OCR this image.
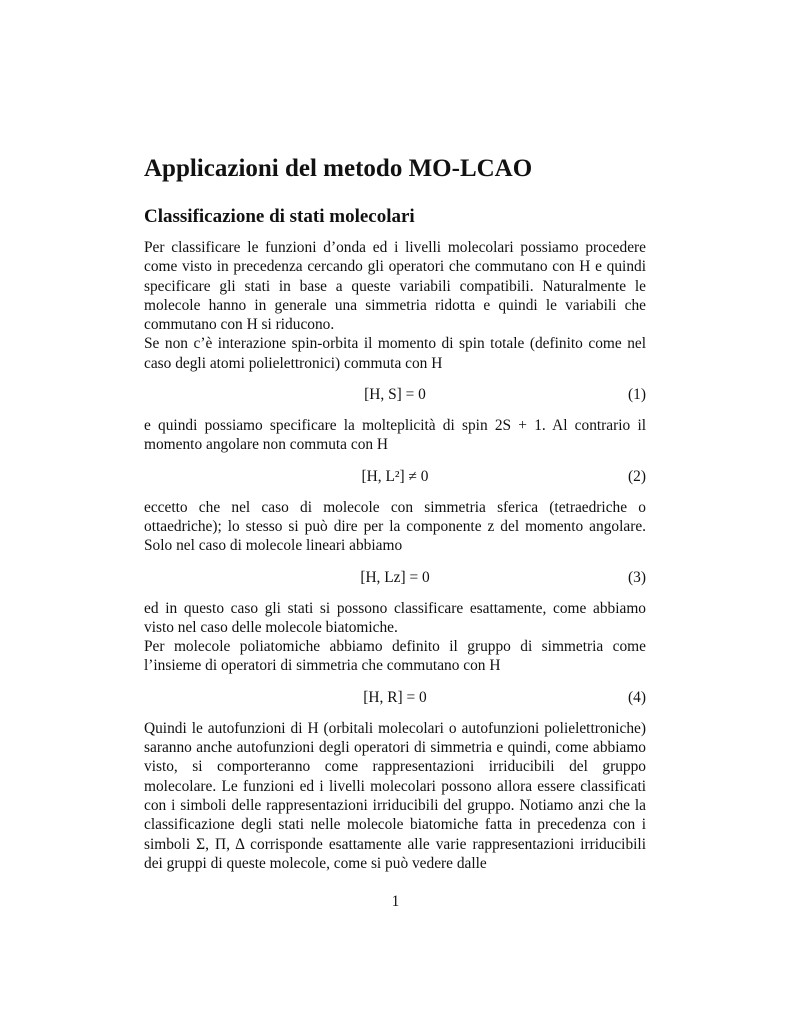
Applicazioni del metodo MO-LCAO
Classificazione di stati molecolari

Per classificare le funzioni d’onda ed i livelli molecolari possiamo procedere come visto in precedenza cercando gli operatori che commutano con H e quindi specificare gli stati in base a queste variabili compatibili. Naturalmente le molecole hanno in generale una simmetria ridotta e quindi le variabili che commutano con H si riducono.

Se non c’è interazione spin-orbita il momento di spin totale (definito come nel caso degli atomi polielettronici) commuta con H

[H, S] = 0	(1)

e quindi possiamo specificare la molteplicità di spin 2S + 1. Al contrario il momento angolare non commuta con H

[H, L²] ≠ 0	(2)

eccetto che nel caso di molecole con simmetria sferica (tetraedriche o ottaedriche); lo stesso si può dire per la componente z del momento angolare. Solo nel caso di molecole lineari abbiamo

[H, Lz] = 0	(3)

ed in questo caso gli stati si possono classificare esattamente, come abbiamo visto nel caso delle molecole biatomiche.

Per molecole poliatomiche abbiamo definito il gruppo di simmetria come l’insieme di operatori di simmetria che commutano con H

[H, R] = 0	(4)

Quindi le autofunzioni di H (orbitali molecolari o autofunzioni polielettroniche) saranno anche autofunzioni degli operatori di simmetria e quindi, come abbiamo visto, si comporteranno come rappresentazioni irriducibili del gruppo molecolare. Le funzioni ed i livelli molecolari possono allora essere classificati con i simboli delle rappresentazioni irriducibili del gruppo. Notiamo anzi che la classificazione degli stati nelle molecole biatomiche fatta in precedenza con i simboli Σ, Π, Δ corrisponde esattamente alle varie rappresentazioni irriducibili dei gruppi di queste molecole, come si può vedere dalle

1
